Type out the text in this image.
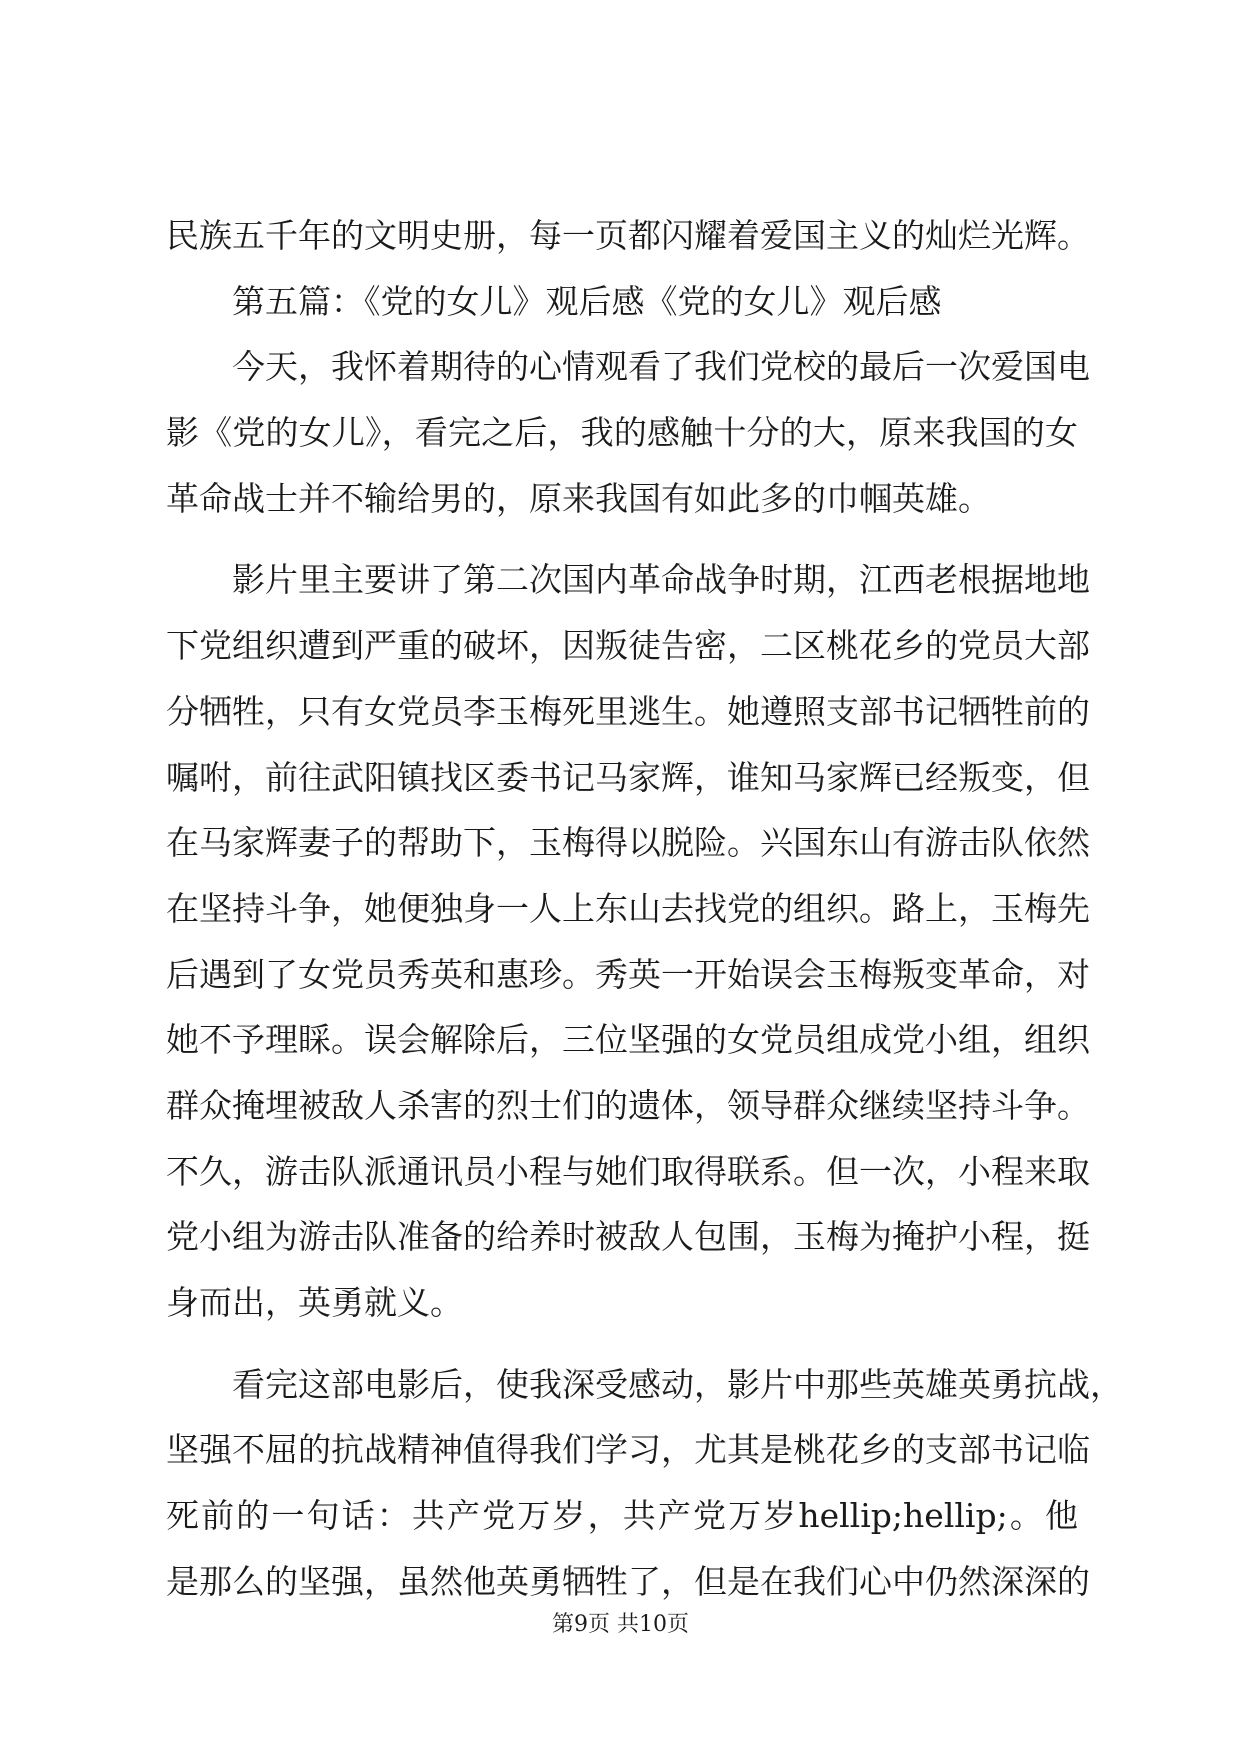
民族五千年的文明史册，每一页都闪耀着爱国主义的灿烂光辉。
第五篇：《党的女儿》观后感《党的女儿》观后感
今天，我怀着期待的心情观看了我们党校的最后一次爱国电
影《党的女儿》，看完之后，我的感触十分的大，原来我国的女
革命战士并不输给男的，原来我国有如此多的巾帼英雄。
影片里主要讲了第二次国内革命战争时期，江西老根据地地
下党组织遭到严重的破坏，因叛徒告密，二区桃花乡的党员大部
分牺牲，只有女党员李玉梅死里逃生。她遵照支部书记牺牲前的
嘱咐，前往武阳镇找区委书记马家辉，谁知马家辉已经叛变，但
在马家辉妻子的帮助下，玉梅得以脱险。兴国东山有游击队依然
在坚持斗争，她便独身一人上东山去找党的组织。路上，玉梅先
后遇到了女党员秀英和惠珍。秀英一开始误会玉梅叛变革命，对
她不予理睬。误会解除后，三位坚强的女党员组成党小组，组织
群众掩埋被敌人杀害的烈士们的遗体，领导群众继续坚持斗争。
不久，游击队派通讯员小程与她们取得联系。但一次，小程来取
党小组为游击队准备的给养时被敌人包围，玉梅为掩护小程，挺
身而出，英勇就义。
看完这部电影后，使我深受感动，影片中那些英雄英勇抗战，
坚强不屈的抗战精神值得我们学习，尤其是桃花乡的支部书记临
死前的一句话：共产党万岁，共产党万岁hellip;hellip;。他
是那么的坚强，虽然他英勇牺牲了，但是在我们心中仍然深深的
第9页 共10页
